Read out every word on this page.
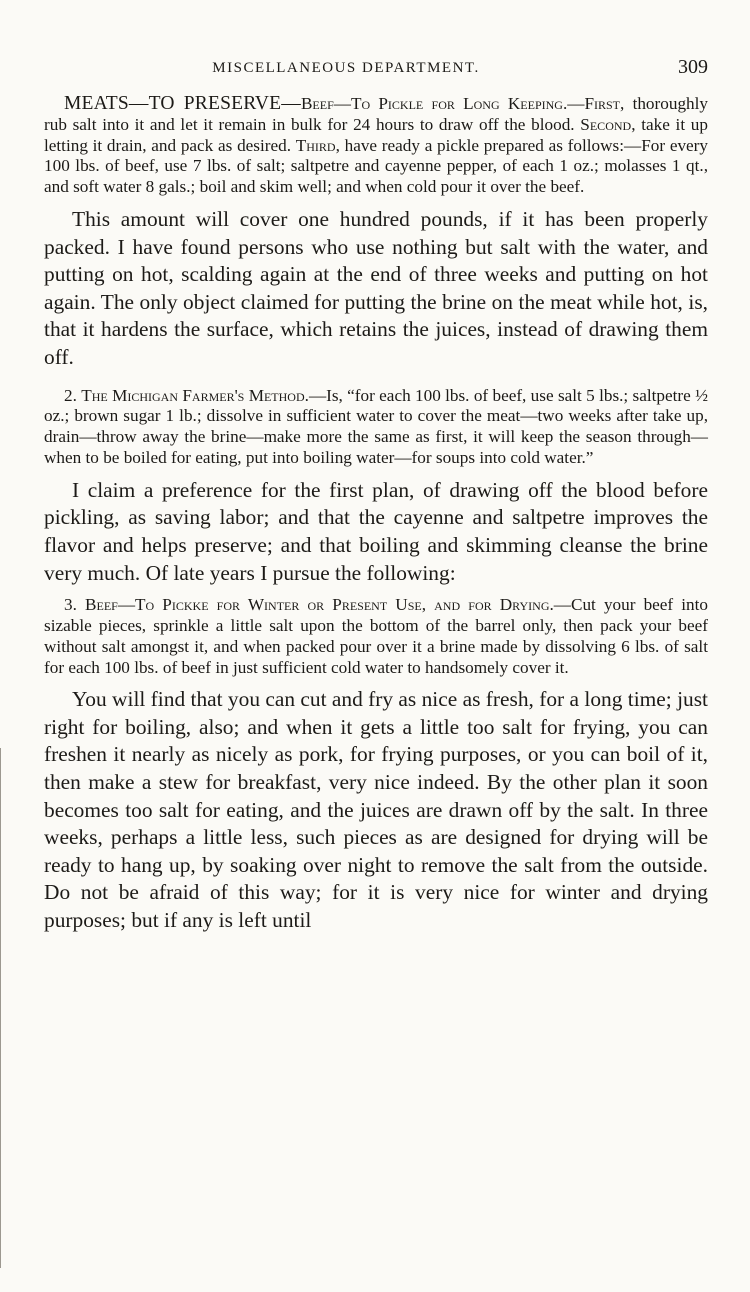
MISCELLANEOUS DEPARTMENT.	309

MEATS—TO PRESERVE—Beef—To Pickle for Long Keeping.—First, thoroughly rub salt into it and let it remain in bulk for 24 hours to draw off the blood. Second, take it up letting it drain, and pack as desired. Third, have ready a pickle prepared as follows:—For every 100 lbs. of beef, use 7 lbs. of salt; saltpetre and cayenne pepper, of each 1 oz.; molasses 1 qt., and soft water 8 gals.; boil and skim well; and when cold pour it over the beef.

This amount will cover one hundred pounds, if it has been properly packed. I have found persons who use nothing but salt with the water, and putting on hot, scalding again at the end of three weeks and putting on hot again. The only object claimed for putting the brine on the meat while hot, is, that it hardens the surface, which retains the juices, instead of drawing them off.

2. The Michigan Farmer's Method.—Is, “for each 100 lbs. of beef, use salt 5 lbs.; saltpetre ½ oz.; brown sugar 1 lb.; dissolve in sufficient water to cover the meat—two weeks after take up, drain—throw away the brine—make more the same as first, it will keep the season through—when to be boiled for eating, put into boiling water—for soups into cold water.”

I claim a preference for the first plan, of drawing off the blood before pickling, as saving labor; and that the cayenne and saltpetre improves the flavor and helps preserve; and that boiling and skimming cleanse the brine very much. Of late years I pursue the following:

3. Beef—To Pickke for Winter or Present Use, and for Drying.—Cut your beef into sizable pieces, sprinkle a little salt upon the bottom of the barrel only, then pack your beef without salt amongst it, and when packed pour over it a brine made by dissolving 6 lbs. of salt for each 100 lbs. of beef in just sufficient cold water to handsomely cover it.

You will find that you can cut and fry as nice as fresh, for a long time; just right for boiling, also; and when it gets a little too salt for frying, you can freshen it nearly as nicely as pork, for frying purposes, or you can boil of it, then make a stew for breakfast, very nice indeed. By the other plan it soon becomes too salt for eating, and the juices are drawn off by the salt. In three weeks, perhaps a little less, such pieces as are designed for drying will be ready to hang up, by soaking over night to remove the salt from the outside. Do not be afraid of this way; for it is very nice for winter and drying purposes; but if any is left until
